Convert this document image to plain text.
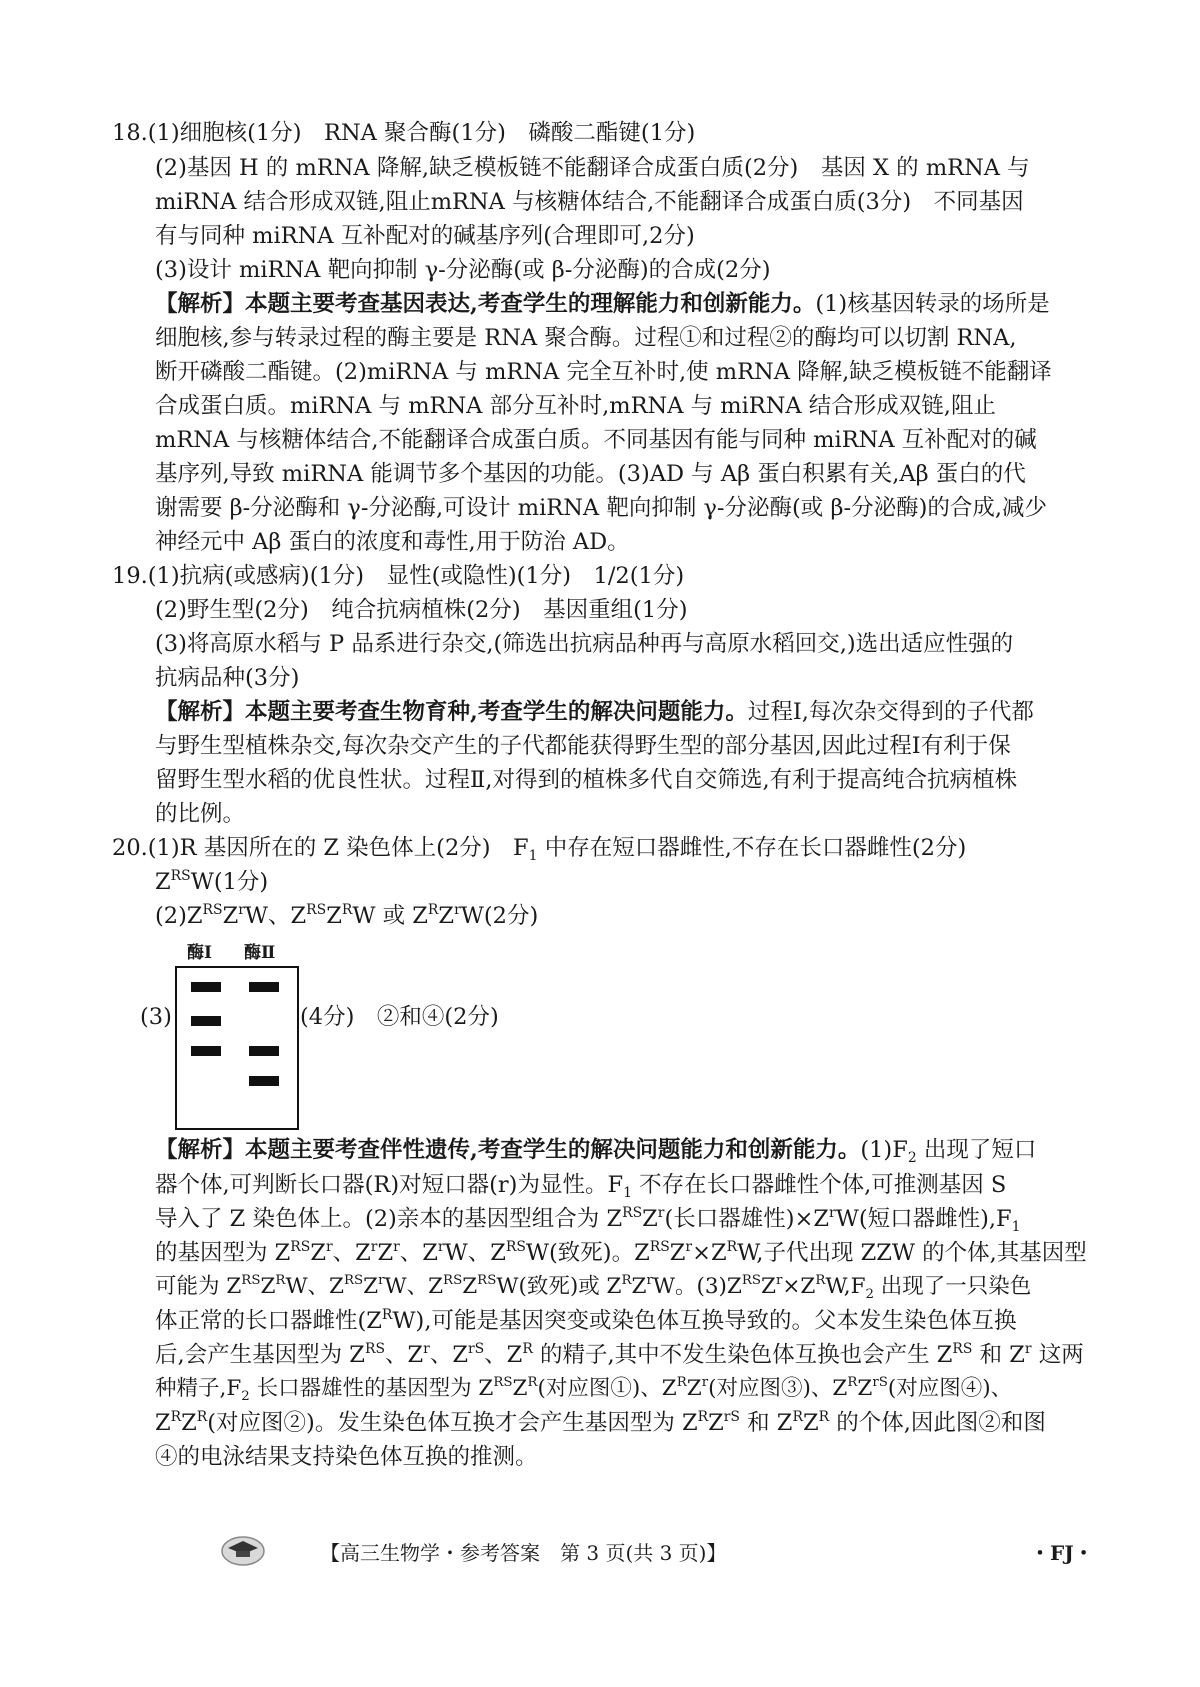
18.(1)细胞核(1分)　RNA 聚合酶(1分)　磷酸二酯键(1分)
(2)基因 H 的 mRNA 降解,缺乏模板链不能翻译合成蛋白质(2分)　基因 X 的 mRNA 与
miRNA 结合形成双链,阻止mRNA 与核糖体结合,不能翻译合成蛋白质(3分)　不同基因
有与同种 miRNA 互补配对的碱基序列(合理即可,2分)
(3)设计 miRNA 靶向抑制 γ-分泌酶(或 β-分泌酶)的合成(2分)
【解析】本题主要考查基因表达,考查学生的理解能力和创新能力。(1)核基因转录的场所是
细胞核,参与转录过程的酶主要是 RNA 聚合酶。过程①和过程②的酶均可以切割 RNA,
断开磷酸二酯键。(2)miRNA 与 mRNA 完全互补时,使 mRNA 降解,缺乏模板链不能翻译
合成蛋白质。miRNA 与 mRNA 部分互补时,mRNA 与 miRNA 结合形成双链,阻止
mRNA 与核糖体结合,不能翻译合成蛋白质。不同基因有能与同种 miRNA 互补配对的碱
基序列,导致 miRNA 能调节多个基因的功能。(3)AD 与 Aβ 蛋白积累有关,Aβ 蛋白的代
谢需要 β-分泌酶和 γ-分泌酶,可设计 miRNA 靶向抑制 γ-分泌酶(或 β-分泌酶)的合成,减少
神经元中 Aβ 蛋白的浓度和毒性,用于防治 AD。
19.(1)抗病(或感病)(1分)　显性(或隐性)(1分)　1/2(1分)
(2)野生型(2分)　纯合抗病植株(2分)　基因重组(1分)
(3)将高原水稻与 P 品系进行杂交,(筛选出抗病品种再与高原水稻回交,)选出适应性强的
抗病品种(3分)
【解析】本题主要考查生物育种,考查学生的解决问题能力。过程Ⅰ,每次杂交得到的子代都
与野生型植株杂交,每次杂交产生的子代都能获得野生型的部分基因,因此过程Ⅰ有利于保
留野生型水稻的优良性状。过程Ⅱ,对得到的植株多代自交筛选,有利于提高纯合抗病植株
的比例。
20.(1)R 基因所在的 Z 染色体上(2分)　$F_1$ 中存在短口器雌性,不存在长口器雌性(2分)
$Z^{RS}W(1$分)
$(2)Z^{RS}Z^rW$、$Z^{RS}Z^RW$ 或 $Z^RZ^rW(2$分)
酶Ⅰ 酶Ⅱ
(3)	(4分)　②和④(2分)
【解析】本题主要考查伴性遗传,考查学生的解决问题能力和创新能力。$(1)F_2$ 出现了短口
器个体,可判断长口器(R)对短口器(r)为显性。$F_1$ 不存在长口器雌性个体,可推测基因 S
导入了 Z 染色体上。(2)亲本的基因型组合为 $Z^{RS}Z^r$(长口器雄性)$\times Z^rW$(短口器雌性)$,F_1$
的基因型为 $Z^{RS}Z^r$、$Z^rZ^r$、$Z^rW$、$Z^{RS}W$(致死)。$Z^{RS}Z^r\times Z^RW$,子代出现 ZZW 的个体,其基因型
可能为 $Z^{RS}Z^RW$、$Z^{RS}Z^rW$、$Z^{RS}Z^{RS}W$(致死)或 $Z^RZ^rW$。$(3)Z^{RS}Z^r\times Z^RW,F_2$ 出现了一只染色
体正常的长口器雌性$(Z^RW)$,可能是基因突变或染色体互换导致的。父本发生染色体互换
后,会产生基因型为 $Z^{RS}$、$Z^r$、$Z^{rS}$、$Z^R$ 的精子,其中不发生染色体互换也会产生 $Z^{RS}$ 和 $Z^r$ 这两
种精子$,F_2$ 长口器雄性的基因型为 $Z^{RS}Z^R$(对应图①)、$Z^RZ^r$(对应图③)、$Z^RZ^{rS}$(对应图④)、
$Z^RZ^R$(对应图②)。发生染色体互换才会产生基因型为 $Z^RZ^{rS}$ 和 $Z^RZ^R$ 的个体,因此图②和图
④的电泳结果支持染色体互换的推测。
【高三生物学・参考答案　第 3 页(共 3 页)】	・FJ・
